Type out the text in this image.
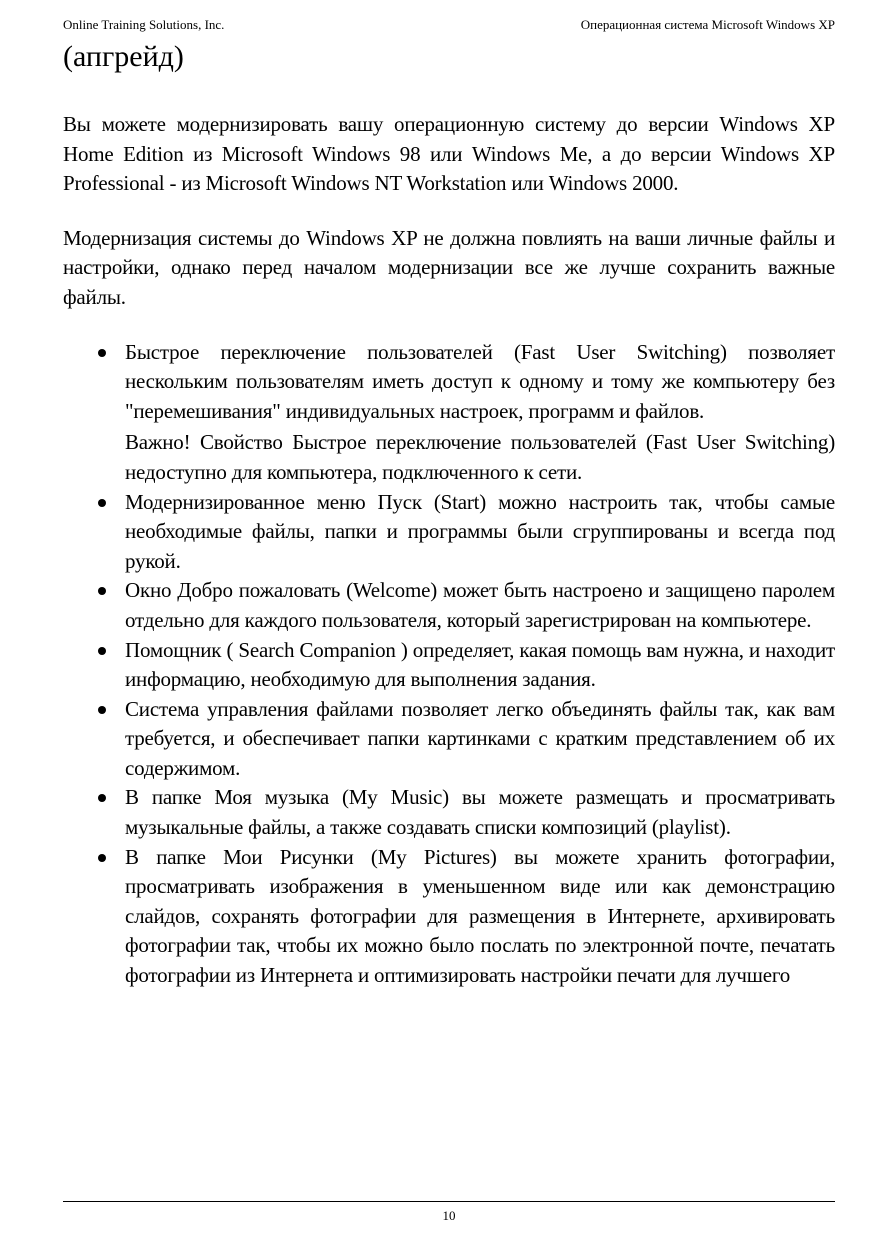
Online Training Solutions, Inc.	Операционная система Microsoft Windows XP
(апгрейд)

Вы можете модернизировать вашу операционную систему до версии Windows XP Home Edition из Microsoft Windows 98 или Windows Me, а до версии Windows XP Professional - из Microsoft Windows NT Workstation или Windows 2000.

Модернизация системы до Windows XP не должна повлиять на ваши личные файлы и настройки, однако перед началом модернизации все же лучше сохранить важные файлы.

Быстрое переключение пользователей (Fast User Switching) позволяет нескольким пользователям иметь доступ к одному и тому же компьютеру без "перемешивания" индивидуальных настроек, программ и файлов.
Важно! Свойство Быстрое переключение пользователей (Fast User Switching) недоступно для компьютера, подключенного к сети.
Модернизированное меню Пуск (Start) можно настроить так, чтобы самые необходимые файлы, папки и программы были сгруппированы и всегда под рукой.
Окно Добро пожаловать (Welcome) может быть настроено и защищено паролем отдельно для каждого пользователя, который зарегистрирован на компьютере.
Помощник ( Search Companion ) определяет, какая помощь вам нужна, и находит информацию, необходимую для выполнения задания.
Система управления файлами позволяет легко объединять файлы так, как вам требуется, и обеспечивает папки картинками с кратким представлением об их содержимом.
В папке Моя музыка (My Music) вы можете размещать и просматривать музыкальные файлы, а также создавать списки композиций (playlist).
В папке Мои Рисунки (My Pictures) вы можете хранить фотографии, просматривать изображения в уменьшенном виде или как демонстрацию слайдов, сохранять фотографии для размещения в Интернете, архивировать фотографии так, чтобы их можно было послать по электронной почте, печатать фотографии из Интернета и оптимизировать настройки печати для лучшего
10
